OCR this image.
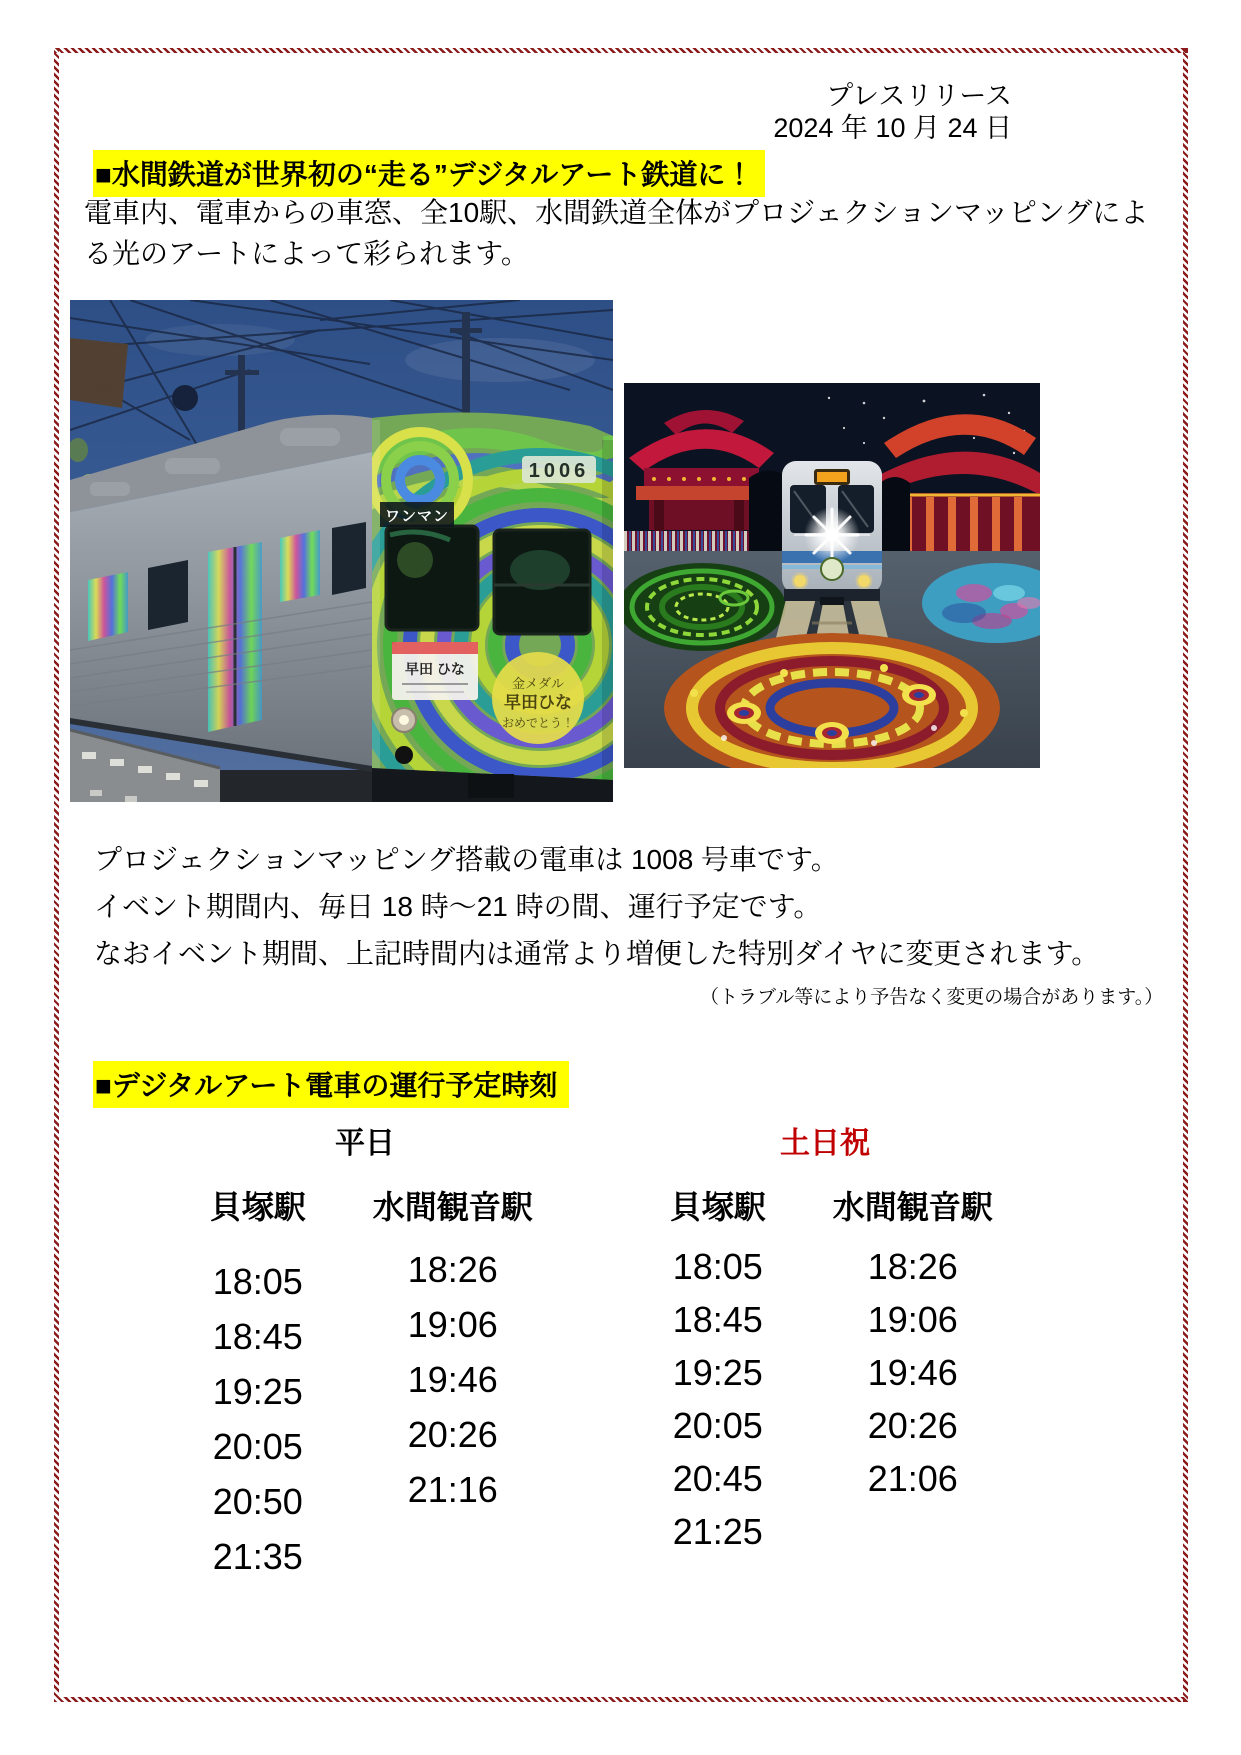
プレスリリース
2024 年 10 月 24 日
■水間鉄道が世界初の“走る”デジタルアート鉄道に！
電車内、電車からの車窓、全10駅、水間鉄道全体がプロジェクションマッピングによ
る光のアートによって彩られます。
ワンマン
1006
早田 ひな
金メダル
早田ひな
おめでとう！
プロジェクションマッピング搭載の電車は 1008 号車です。
イベント期間内、毎日 18 時～21 時の間、運行予定です。
なおイベント期間、上記時間内は通常より増便した特別ダイヤに変更されます。
（トラブル等により予告なく変更の場合があります。）
■デジタルアート電車の運行予定時刻
平日
貝塚駅	水間観音駅
18:05
18:45
19:25
20:05
20:50
21:35
18:26
19:06
19:46
20:26
21:16
土日祝
貝塚駅	水間観音駅
18:05
18:45
19:25
20:05
20:45
21:25
18:26
19:06
19:46
20:26
21:06
